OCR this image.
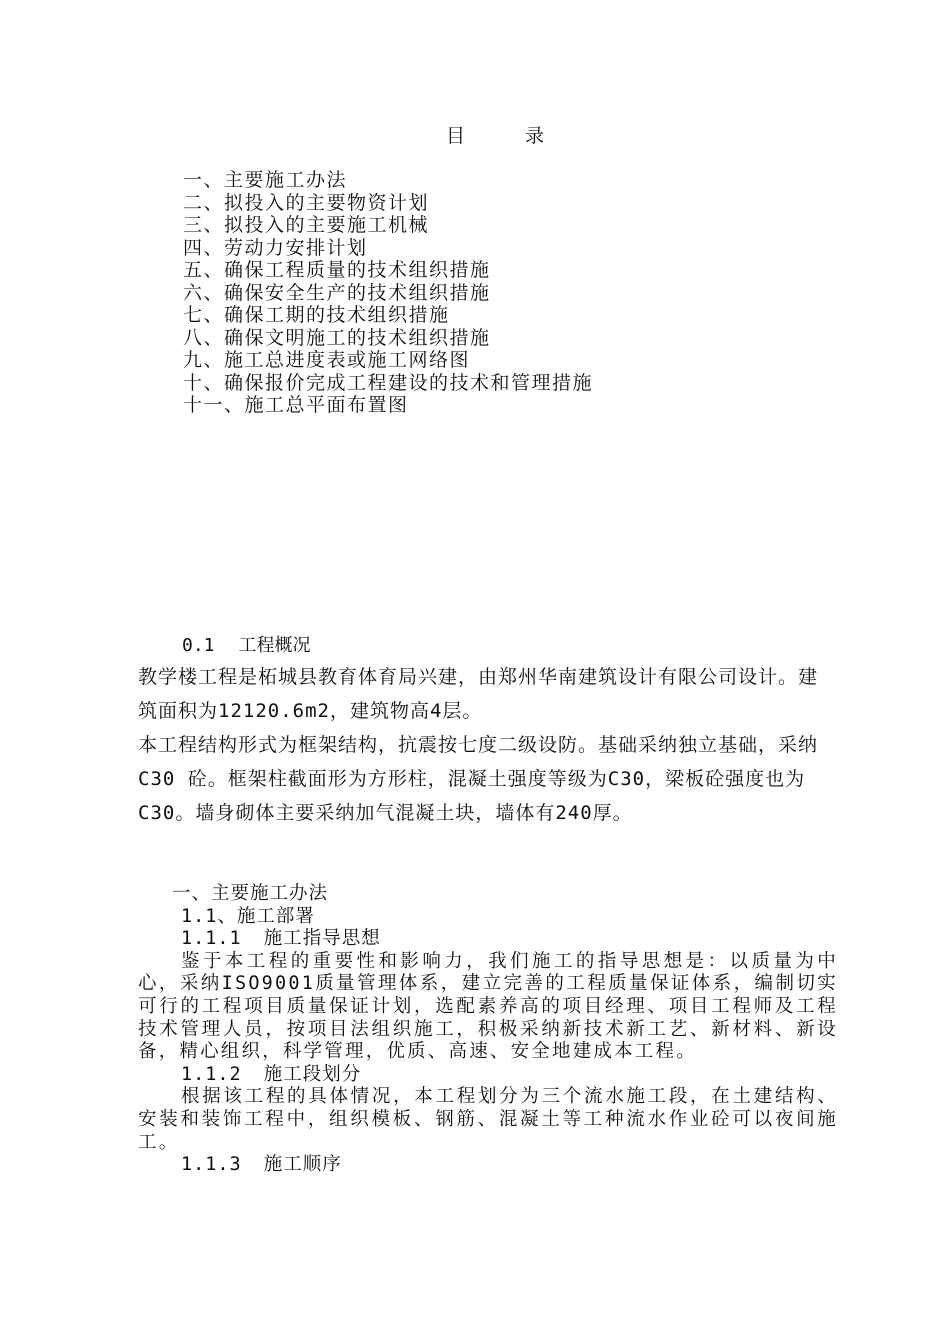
目	录
一、主要施工办法
二、拟投入的主要物资计划
三、拟投入的主要施工机械
四、劳动力安排计划
五、确保工程质量的技术组织措施
六、确保安全生产的技术组织措施
七、确保工期的技术组织措施
八、确保文明施工的技术组织措施
九、施工总进度表或施工网络图
十、确保报价完成工程建设的技术和管理措施
十一、施工总平面布置图
0.1 工程概况

教学楼工程是柘城县教育体育局兴建，由郑州华南建筑设计有限公司设计。建筑面积为12120.6m2，建筑物高4层。

本工程结构形式为框架结构，抗震按七度二级设防。基础采纳独立基础，采纳C30 砼。框架柱截面形为方形柱，混凝土强度等级为C30，梁板砼强度也为C30。墙身砌体主要采纳加气混凝土块，墙体有240厚。

一、主要施工办法
1.1、施工部署
1.1.1 施工指导思想

鉴于本工程的重要性和影响力，我们施工的指导思想是：以质量为中心，采纳ISO9001质量管理体系，建立完善的工程质量保证体系，编制切实可行的工程项目质量保证计划，选配素养高的项目经理、项目工程师及工程技术管理人员，按项目法组织施工，积极采纳新技术新工艺、新材料、新设备，精心组织，科学管理，优质、高速、安全地建成本工程。

1.1.2 施工段划分

根据该工程的具体情况，本工程划分为三个流水施工段，在土建结构、安装和装饰工程中，组织模板、钢筋、混凝土等工种流水作业砼可以夜间施工。

1.1.3 施工顺序
